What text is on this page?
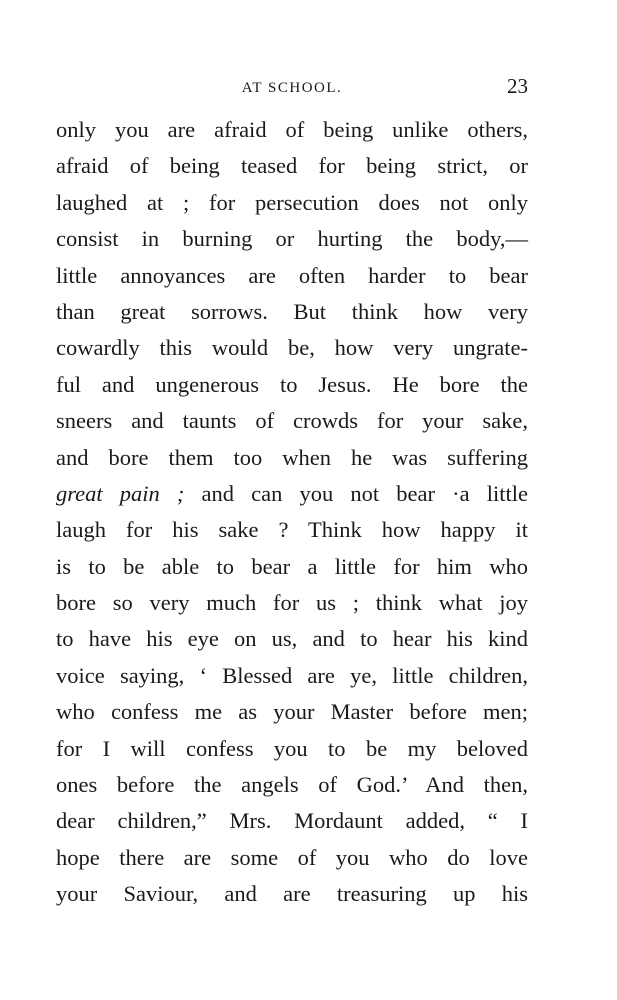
AT SCHOOL.	23
only you are afraid of being unlike others,
afraid of being teased for being strict, or
laughed at ; for persecution does not only
consist in burning or hurting the body,—
little annoyances are often harder to bear
than great sorrows. But think how very
cowardly this would be, how very ungrate-
ful and ungenerous to Jesus. He bore the
sneers and taunts of crowds for your sake,
and bore them too when he was suffering
great pain ; and can you not bear ·a little
laugh for his sake ? Think how happy it
is to be able to bear a little for him who
bore so very much for us ; think what joy
to have his eye on us, and to hear his kind
voice saying, ‘ Blessed are ye, little children,
who confess me as your Master before men;
for I will confess you to be my beloved
ones before the angels of God.’ And then,
dear children,” Mrs. Mordaunt added, “ I
hope there are some of you who do love
your Saviour, and are treasuring up his
